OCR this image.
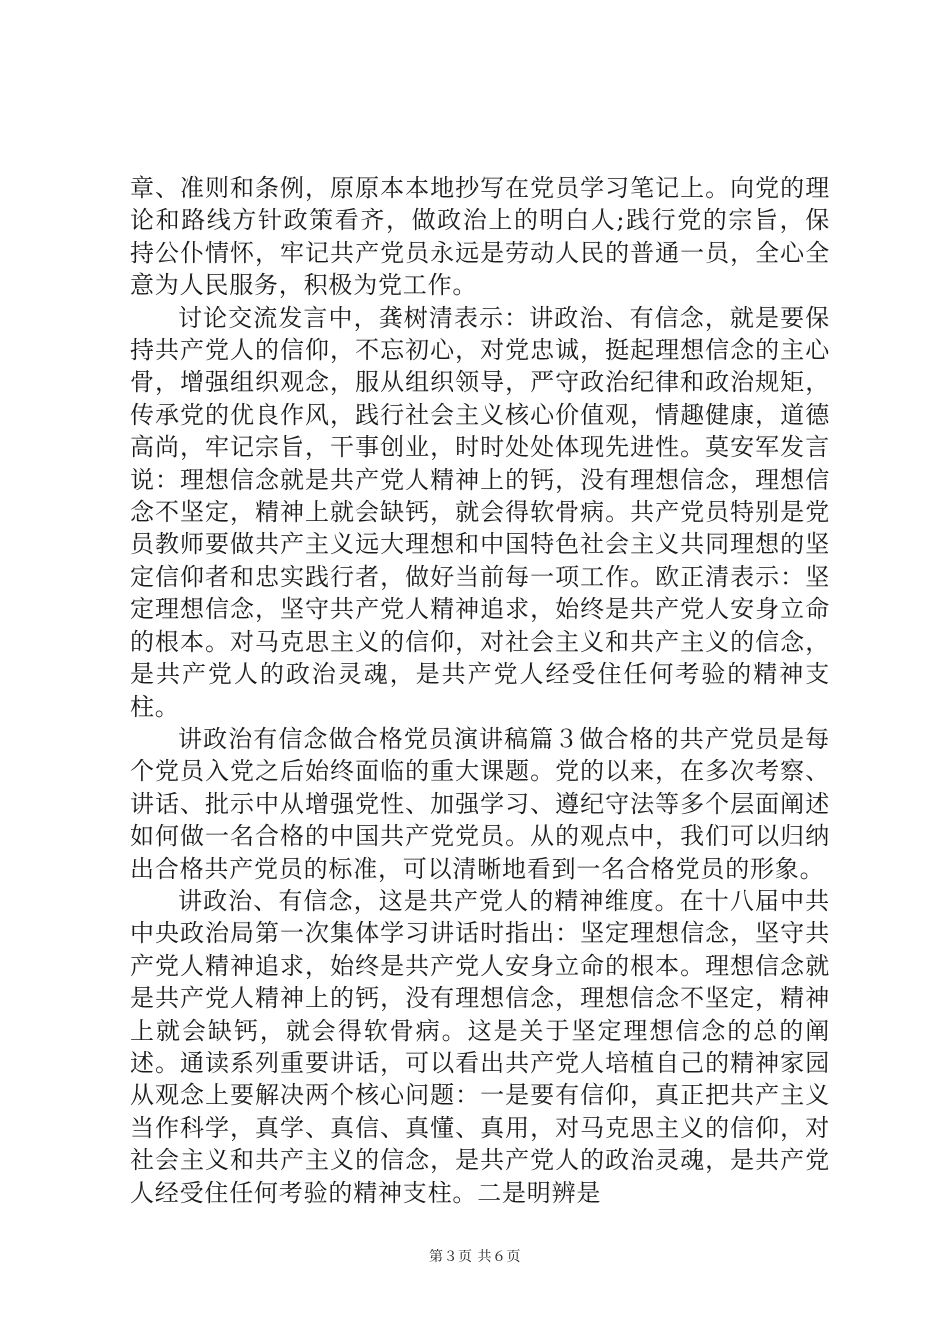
章、准则和条例，原原本本地抄写在党员学习笔记上。向党的理论和路线方针政策看齐，做政治上的明白人;践行党的宗旨，保持公仆情怀，牢记共产党员永远是劳动人民的普通一员，全心全意为人民服务，积极为党工作。

讨论交流发言中，龚树清表示：讲政治、有信念，就是要保持共产党人的信仰，不忘初心，对党忠诚，挺起理想信念的主心骨，增强组织观念，服从组织领导，严守政治纪律和政治规矩，传承党的优良作风，践行社会主义核心价值观，情趣健康，道德高尚，牢记宗旨，干事创业，时时处处体现先进性。莫安军发言说：理想信念就是共产党人精神上的钙，没有理想信念，理想信念不坚定，精神上就会缺钙，就会得软骨病。共产党员特别是党员教师要做共产主义远大理想和中国特色社会主义共同理想的坚定信仰者和忠实践行者，做好当前每一项工作。欧正清表示：坚定理想信念，坚守共产党人精神追求，始终是共产党人安身立命的根本。对马克思主义的信仰，对社会主义和共产主义的信念，是共产党人的政治灵魂，是共产党人经受住任何考验的精神支柱。

讲政治有信念做合格党员演讲稿篇３做合格的共产党员是每个党员入党之后始终面临的重大课题。党的以来，在多次考察、讲话、批示中从增强党性、加强学习、遵纪守法等多个层面阐述如何做一名合格的中国共产党党员。从的观点中，我们可以归纳出合格共产党员的标准，可以清晰地看到一名合格党员的形象。

讲政治、有信念，这是共产党人的精神维度。在十八届中共中央政治局第一次集体学习讲话时指出：坚定理想信念，坚守共产党人精神追求，始终是共产党人安身立命的根本。理想信念就是共产党人精神上的钙，没有理想信念，理想信念不坚定，精神上就会缺钙，就会得软骨病。这是关于坚定理想信念的总的阐述。通读系列重要讲话，可以看出共产党人培植自己的精神家园从观念上要解决两个核心问题：一是要有信仰，真正把共产主义当作科学，真学、真信、真懂、真用，对马克思主义的信仰，对社会主义和共产主义的信念，是共产党人的政治灵魂，是共产党人经受住任何考验的精神支柱。二是明辨是

第３页 共６页
